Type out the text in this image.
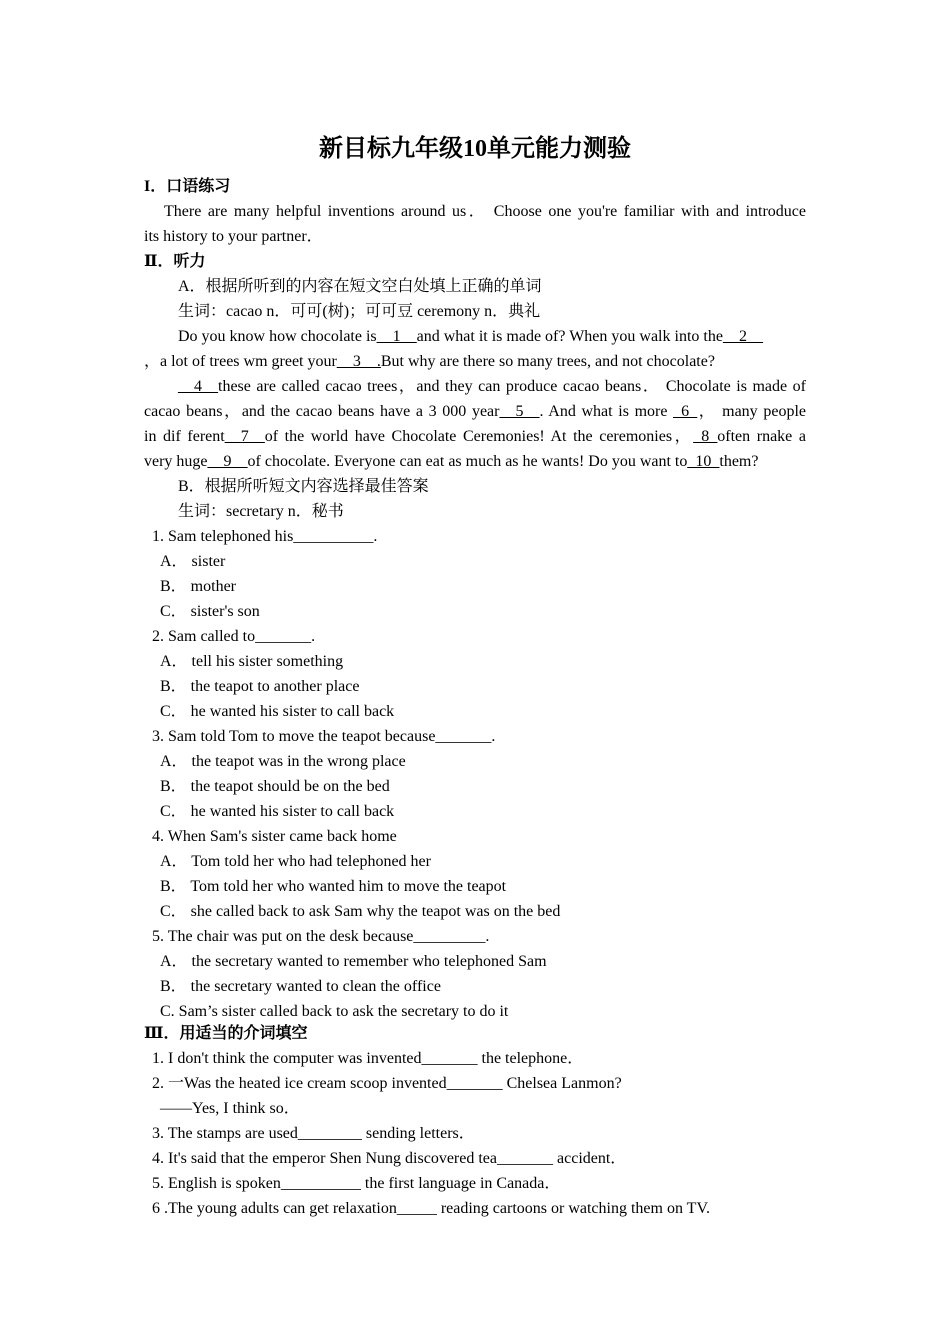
新目标九年级10单元能力测验
I．口语练习
There are many helpful inventions around us． Choose one you're familiar with and introduce
its history to your partner．
Ⅱ．听力
A．根据所听到的内容在短文空白处填上正确的单词
生词：cacao n．可可(树)；可可豆 ceremony n．典礼
Do you know how chocolate is__1__and what it is made of? When you walk into the__2__
，a lot of trees wm greet your__3__.But why are there so many trees, and not chocolate?
__4__these are called cacao trees，and they can produce cacao beans． Chocolate is made of
cacao beans，and the cacao beans have a 3 000 year__5__. And what is more _6_， many people
in dif ferent__7__of the world have Chocolate Ceremonies! At the ceremonies，_8_often rnake a
very huge__9__of chocolate. Everyone can eat as much as he wants! Do you want to_10_them?
B．根据所听短文内容选择最佳答案
生词：secretary n．秘书
1. Sam telephoned his__________.
A． sister
B． mother
C． sister's son
2. Sam called to_______.
A． tell his sister something
B． the teapot to another place
C． he wanted his sister to call back
3. Sam told Tom to move the teapot because_______.
A． the teapot was in the wrong place
B． the teapot should be on the bed
C． he wanted his sister to call back
4. When Sam's sister came back home
A． Tom told her who had telephoned her
B． Tom told her who wanted him to move the teapot
C． she called back to ask Sam why the teapot was on the bed
5. The chair was put on the desk because_________.
A． the secretary wanted to remember who telephoned Sam
B． the secretary wanted to clean the office
C. Sam’s sister called back to ask the secretary to do it
Ⅲ．用适当的介词填空
1. I don't think the computer was invented_______ the telephone．
2. 一Was the heated ice cream scoop invented_______ Chelsea Lanmon?
——Yes, I think so．
3. The stamps are used________ sending letters．
4. It's said that the emperor Shen Nung discovered tea_______ accident．
5. English is spoken__________ the first language in Canada．
6 .The young adults can get relaxation_____ reading cartoons or watching them on TV.
